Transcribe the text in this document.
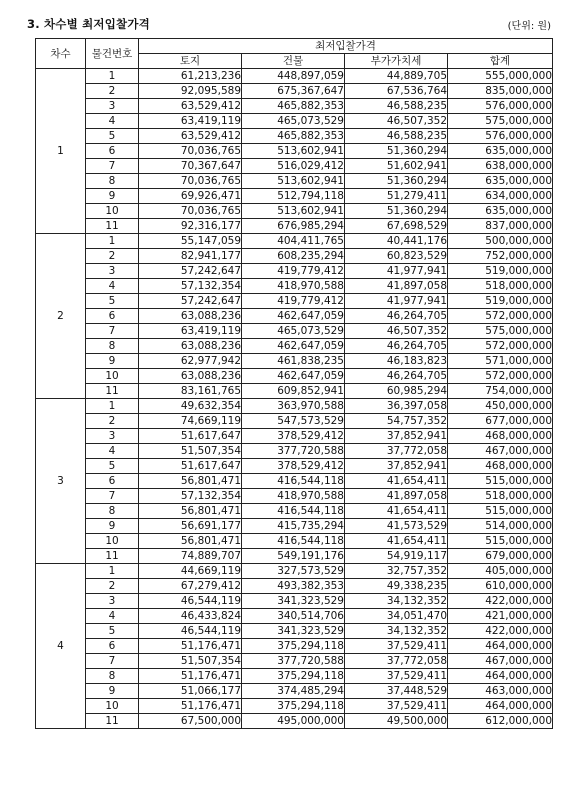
3. 차수별 최저입찰가격	(단위: 원)
차수	물건번호	최저입찰가격			
		토지	건물	부가가치세	합계
1	1	61,213,236	448,897,059	44,889,705	555,000,000
	2	92,095,589	675,367,647	67,536,764	835,000,000
	3	63,529,412	465,882,353	46,588,235	576,000,000
	4	63,419,119	465,073,529	46,507,352	575,000,000
	5	63,529,412	465,882,353	46,588,235	576,000,000
	6	70,036,765	513,602,941	51,360,294	635,000,000
	7	70,367,647	516,029,412	51,602,941	638,000,000
	8	70,036,765	513,602,941	51,360,294	635,000,000
	9	69,926,471	512,794,118	51,279,411	634,000,000
	10	70,036,765	513,602,941	51,360,294	635,000,000
	11	92,316,177	676,985,294	67,698,529	837,000,000
2	1	55,147,059	404,411,765	40,441,176	500,000,000
	2	82,941,177	608,235,294	60,823,529	752,000,000
	3	57,242,647	419,779,412	41,977,941	519,000,000
	4	57,132,354	418,970,588	41,897,058	518,000,000
	5	57,242,647	419,779,412	41,977,941	519,000,000
	6	63,088,236	462,647,059	46,264,705	572,000,000
	7	63,419,119	465,073,529	46,507,352	575,000,000
	8	63,088,236	462,647,059	46,264,705	572,000,000
	9	62,977,942	461,838,235	46,183,823	571,000,000
	10	63,088,236	462,647,059	46,264,705	572,000,000
	11	83,161,765	609,852,941	60,985,294	754,000,000
3	1	49,632,354	363,970,588	36,397,058	450,000,000
	2	74,669,119	547,573,529	54,757,352	677,000,000
	3	51,617,647	378,529,412	37,852,941	468,000,000
	4	51,507,354	377,720,588	37,772,058	467,000,000
	5	51,617,647	378,529,412	37,852,941	468,000,000
	6	56,801,471	416,544,118	41,654,411	515,000,000
	7	57,132,354	418,970,588	41,897,058	518,000,000
	8	56,801,471	416,544,118	41,654,411	515,000,000
	9	56,691,177	415,735,294	41,573,529	514,000,000
	10	56,801,471	416,544,118	41,654,411	515,000,000
	11	74,889,707	549,191,176	54,919,117	679,000,000
4	1	44,669,119	327,573,529	32,757,352	405,000,000
	2	67,279,412	493,382,353	49,338,235	610,000,000
	3	46,544,119	341,323,529	34,132,352	422,000,000
	4	46,433,824	340,514,706	34,051,470	421,000,000
	5	46,544,119	341,323,529	34,132,352	422,000,000
	6	51,176,471	375,294,118	37,529,411	464,000,000
	7	51,507,354	377,720,588	37,772,058	467,000,000
	8	51,176,471	375,294,118	37,529,411	464,000,000
	9	51,066,177	374,485,294	37,448,529	463,000,000
	10	51,176,471	375,294,118	37,529,411	464,000,000
	11	67,500,000	495,000,000	49,500,000	612,000,000
